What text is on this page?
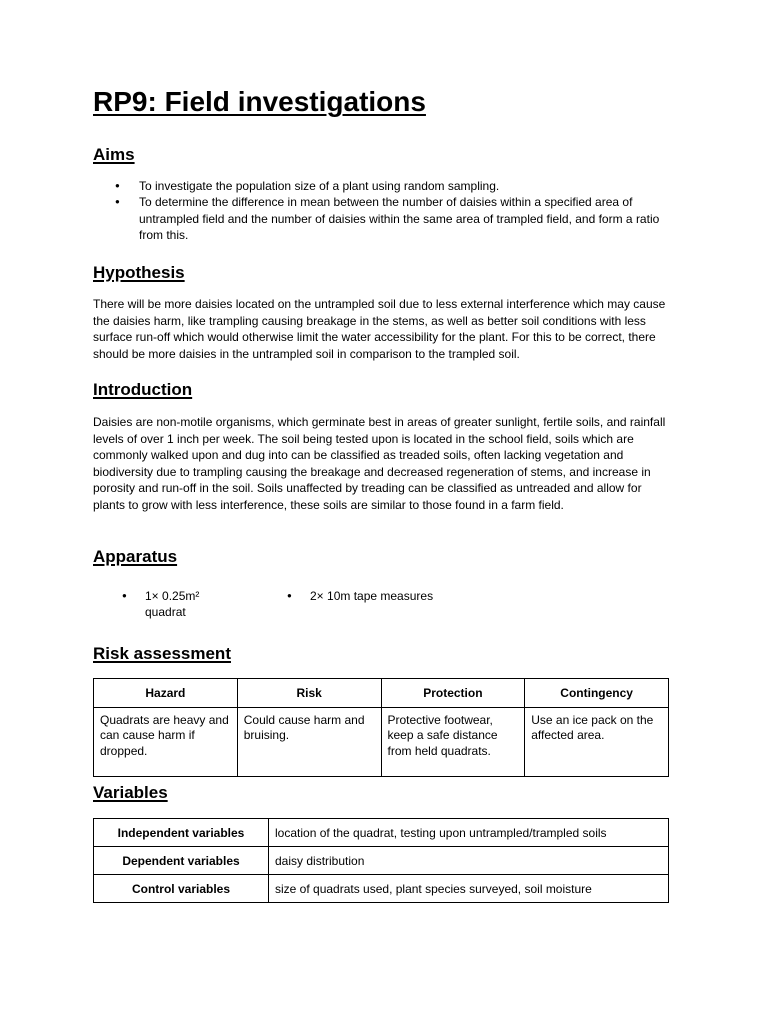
RP9: Field investigations
Aims
● To investigate the population size of a plant using random sampling.
● To determine the difference in mean between the number of daisies within a specified area of untrampled field and the number of daisies within the same area of trampled field, and form a ratio from this.
Hypothesis

There will be more daisies located on the untrampled soil due to less external interference which may cause the daisies harm, like trampling causing breakage in the stems, as well as better soil conditions with less surface run-off which would otherwise limit the water accessibility for the plant. For this to be correct, there should be more daisies in the untrampled soil in comparison to the trampled soil.

Introduction

Daisies are non-motile organisms, which germinate best in areas of greater sunlight, fertile soils, and rainfall levels of over 1 inch per week. The soil being tested upon is located in the school field, soils which are commonly walked upon and dug into can be classified as treaded soils, often lacking vegetation and biodiversity due to trampling causing the breakage and decreased regeneration of stems, and increase in porosity and run-off in the soil. Soils unaffected by treading can be classified as untreaded and allow for plants to grow with less interference, these soils are similar to those found in a farm field.

Apparatus
● 1× 0.25m² quadrat
● 2× 10m tape measures
Risk assessment
Hazard	Risk	Protection	Contingency
Quadrats are heavy and can cause harm if dropped.	Could cause harm and bruising.	Protective footwear, keep a safe distance from held quadrats.	Use an ice pack on the affected area.
Variables
Independent variables	location of the quadrat, testing upon untrampled/trampled soils
Dependent variables	daisy distribution
Control variables	size of quadrats used, plant species surveyed, soil moisture
